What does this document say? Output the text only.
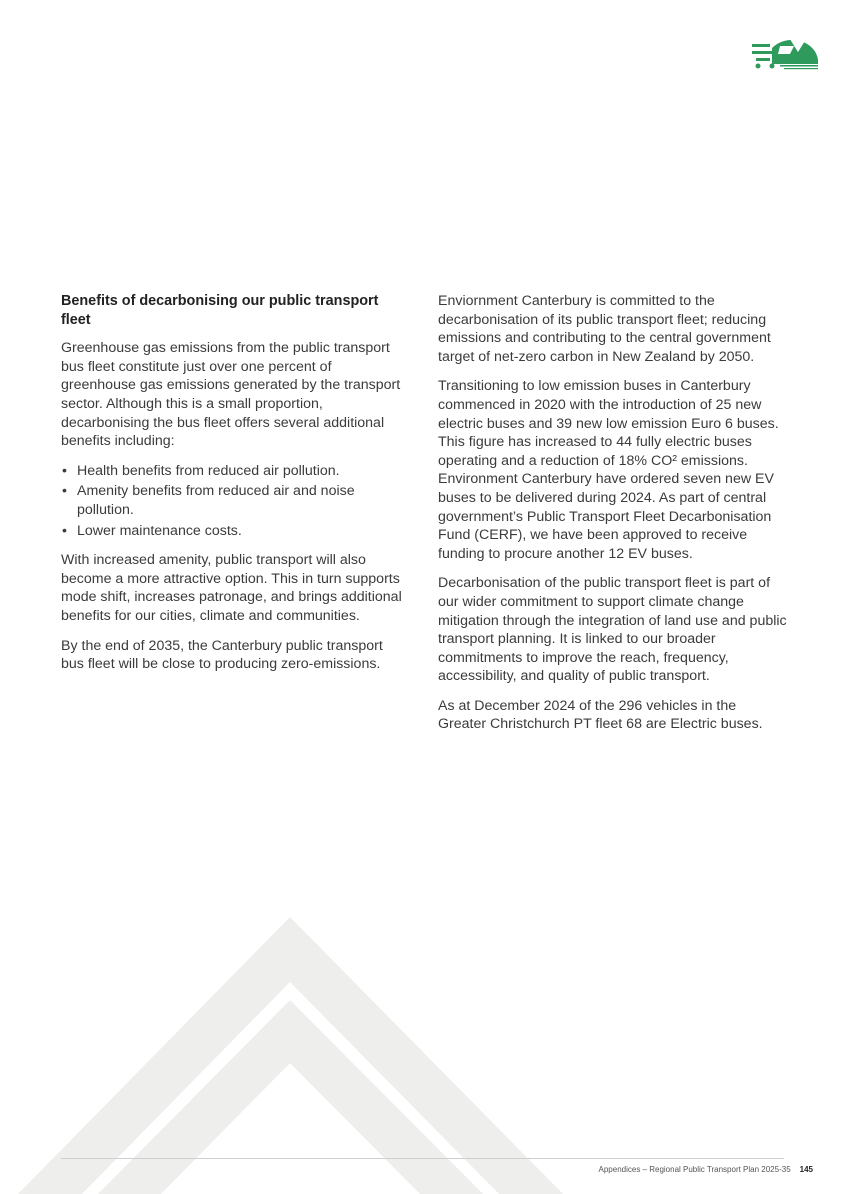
Benefits of decarbonising our public transport fleet

Greenhouse gas emissions from the public transport bus fleet constitute just over one percent of greenhouse gas emissions generated by the transport sector. Although this is a small proportion, decarbonising the bus fleet offers several additional benefits including:

• Health benefits from reduced air pollution.
• Amenity benefits from reduced air and noise pollution.
• Lower maintenance costs.

With increased amenity, public transport will also become a more attractive option. This in turn supports mode shift, increases patronage, and brings additional benefits for our cities, climate and communities.

By the end of 2035, the Canterbury public transport bus fleet will be close to producing zero-emissions.

Enviornment Canterbury is committed to the decarbonisation of its public transport fleet; reducing emissions and contributing to the central government target of net-zero carbon in New Zealand by 2050.

Transitioning to low emission buses in Canterbury commenced in 2020 with the introduction of 25 new electric buses and 39 new low emission Euro 6 buses. This figure has increased to 44 fully electric buses operating and a reduction of 18% CO² emissions. Environment Canterbury have ordered seven new EV buses to be delivered during 2024. As part of central government’s Public Transport Fleet Decarbonisation Fund (CERF), we have been approved to receive funding to procure another 12 EV buses.

Decarbonisation of the public transport fleet is part of our wider commitment to support climate change mitigation through the integration of land use and public transport planning. It is linked to our broader commitments to improve the reach, frequency, accessibility, and quality of public transport.

As at December 2024 of the 296 vehicles in the Greater Christchurch PT fleet 68 are Electric buses.

Appendices – Regional Public Transport Plan 2025-35 145
